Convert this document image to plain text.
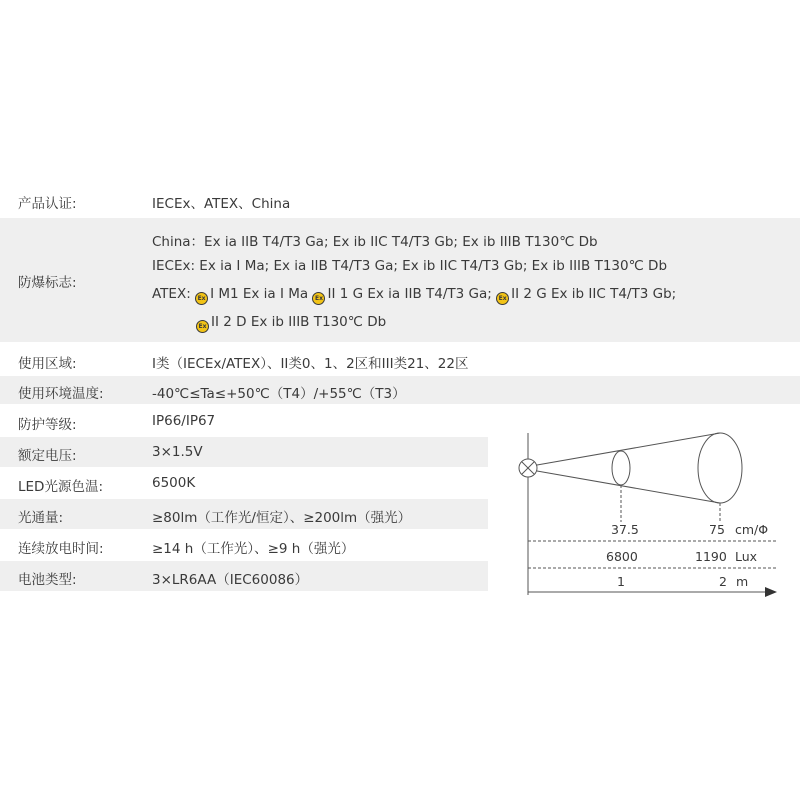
产品认证:	IECEx、ATEX、China
防爆标志:
China：Ex ia IIB T4/T3 Ga; Ex ib IIC T4/T3 Gb; Ex ib IIIB T130℃ Db
IECEx: Ex ia I Ma; Ex ia IIB T4/T3 Ga; Ex ib IIC T4/T3 Gb; Ex ib IIIB T130℃ Db
ATEX: Ex I M1 Ex ia I Ma Ex II 1 G Ex ia IIB T4/T3 Ga; Ex II 2 G Ex ib IIC T4/T3 Gb;
Ex II 2 D Ex ib IIIB T130℃ Db
使用区域:	I类（IECEx/ATEX）、II类0、1、2区和III类21、22区
使用环境温度:	-40℃≤Ta≤+50℃（T4）/+55℃（T3）
防护等级:	IP66/IP67
额定电压:	3×1.5V
LED光源色温:	6500K
光通量:	≥80lm（工作光/恒定）、≥200lm（强光）
连续放电时间:	≥14 h（工作光）、≥9 h（强光）
电池类型:	3×LR6AA（IEC60086）
37.5	75 cm/Φ
6800	1190 Lux
1	2 m
